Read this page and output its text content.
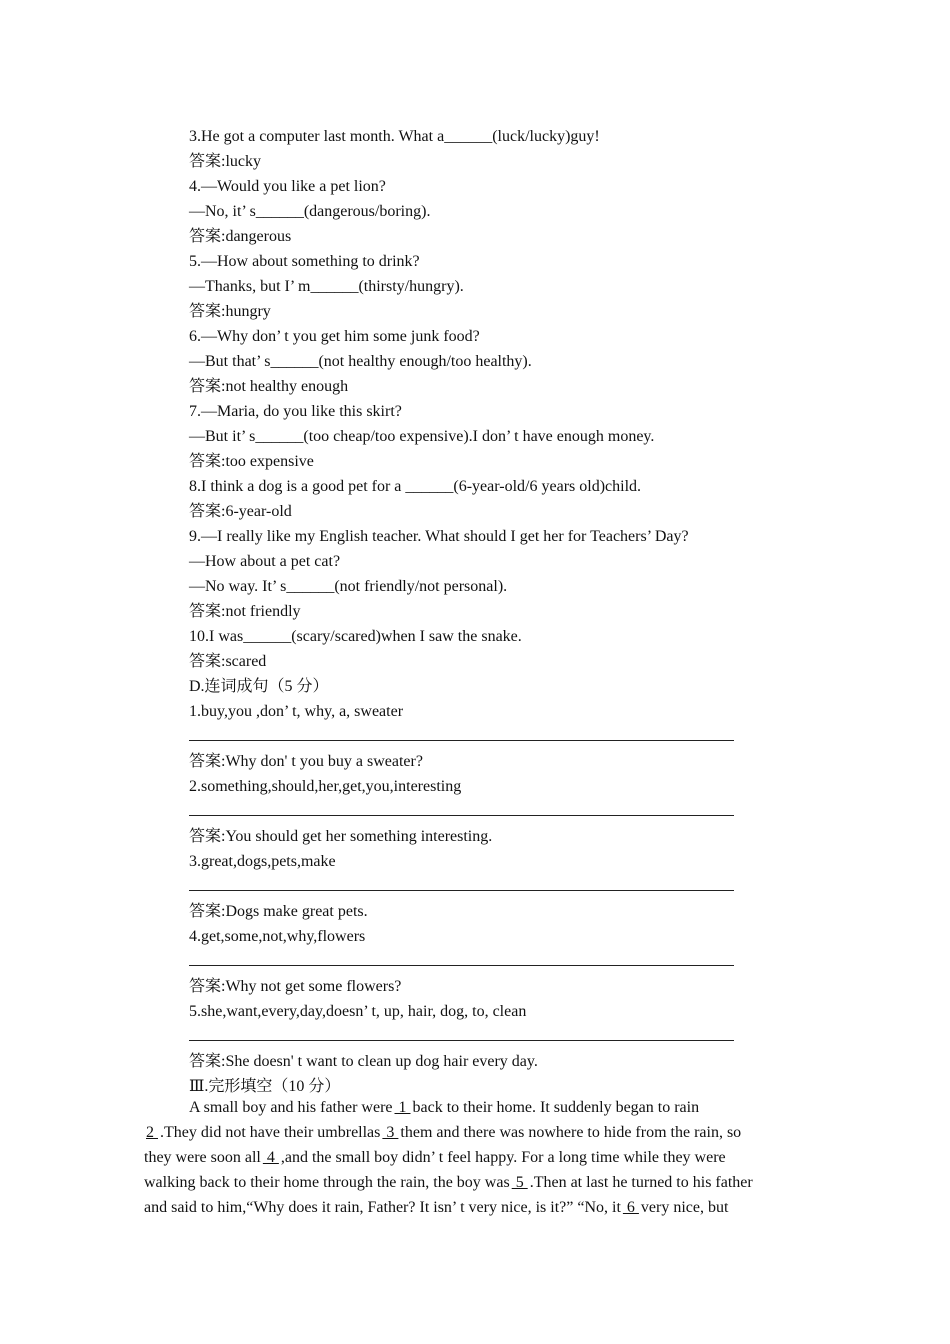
3.He got a computer last month. What a______(luck/lucky)guy!
答案:lucky
4.—Would you like a pet lion?
—No, it’ s______(dangerous/boring).
答案:dangerous
5.—How about something to drink?
—Thanks, but I’ m______(thirsty/hungry).
答案:hungry
6.—Why don’ t you get him some junk food?
—But that’ s______(not healthy enough/too healthy).
答案:not healthy enough
7.—Maria, do you like this skirt?
—But it’ s______(too cheap/too expensive).I don’ t have enough money.
答案:too expensive
8.I think a dog is a good pet for a ______(6-year-old/6 years old)child.
答案:6-year-old
9.—I really like my English teacher. What should I get her for Teachers’ Day?
—How about a pet cat?
—No way. It’ s______(not friendly/not personal).
答案:not friendly
10.I was______(scary/scared)when I saw the snake.
答案:scared
D.连词成句（5 分）
1.buy,you ,don’ t, why, a, sweater
答案:Why don' t you buy a sweater?
2.something,should,her,get,you,interesting
答案:You should get her something interesting.
3.great,dogs,pets,make
答案:Dogs make great pets.
4.get,some,not,why,flowers
答案:Why not get some flowers?
5.she,want,every,day,doesn’ t, up, hair, dog, to, clean
答案:She doesn' t want to clean up dog hair every day.
Ⅲ.完形填空（10 分）
A small boy and his father were 1 back to their home. It suddenly began to rain
2 .They did not have their umbrellas 3 them and there was nowhere to hide from the rain, so
they were soon all 4 ,and the small boy didn’ t feel happy. For a long time while they were
walking back to their home through the rain, the boy was 5 .Then at last he turned to his father
and said to him,“Why does it rain, Father? It isn’ t very nice, is it?” “No, it 6 very nice, but
